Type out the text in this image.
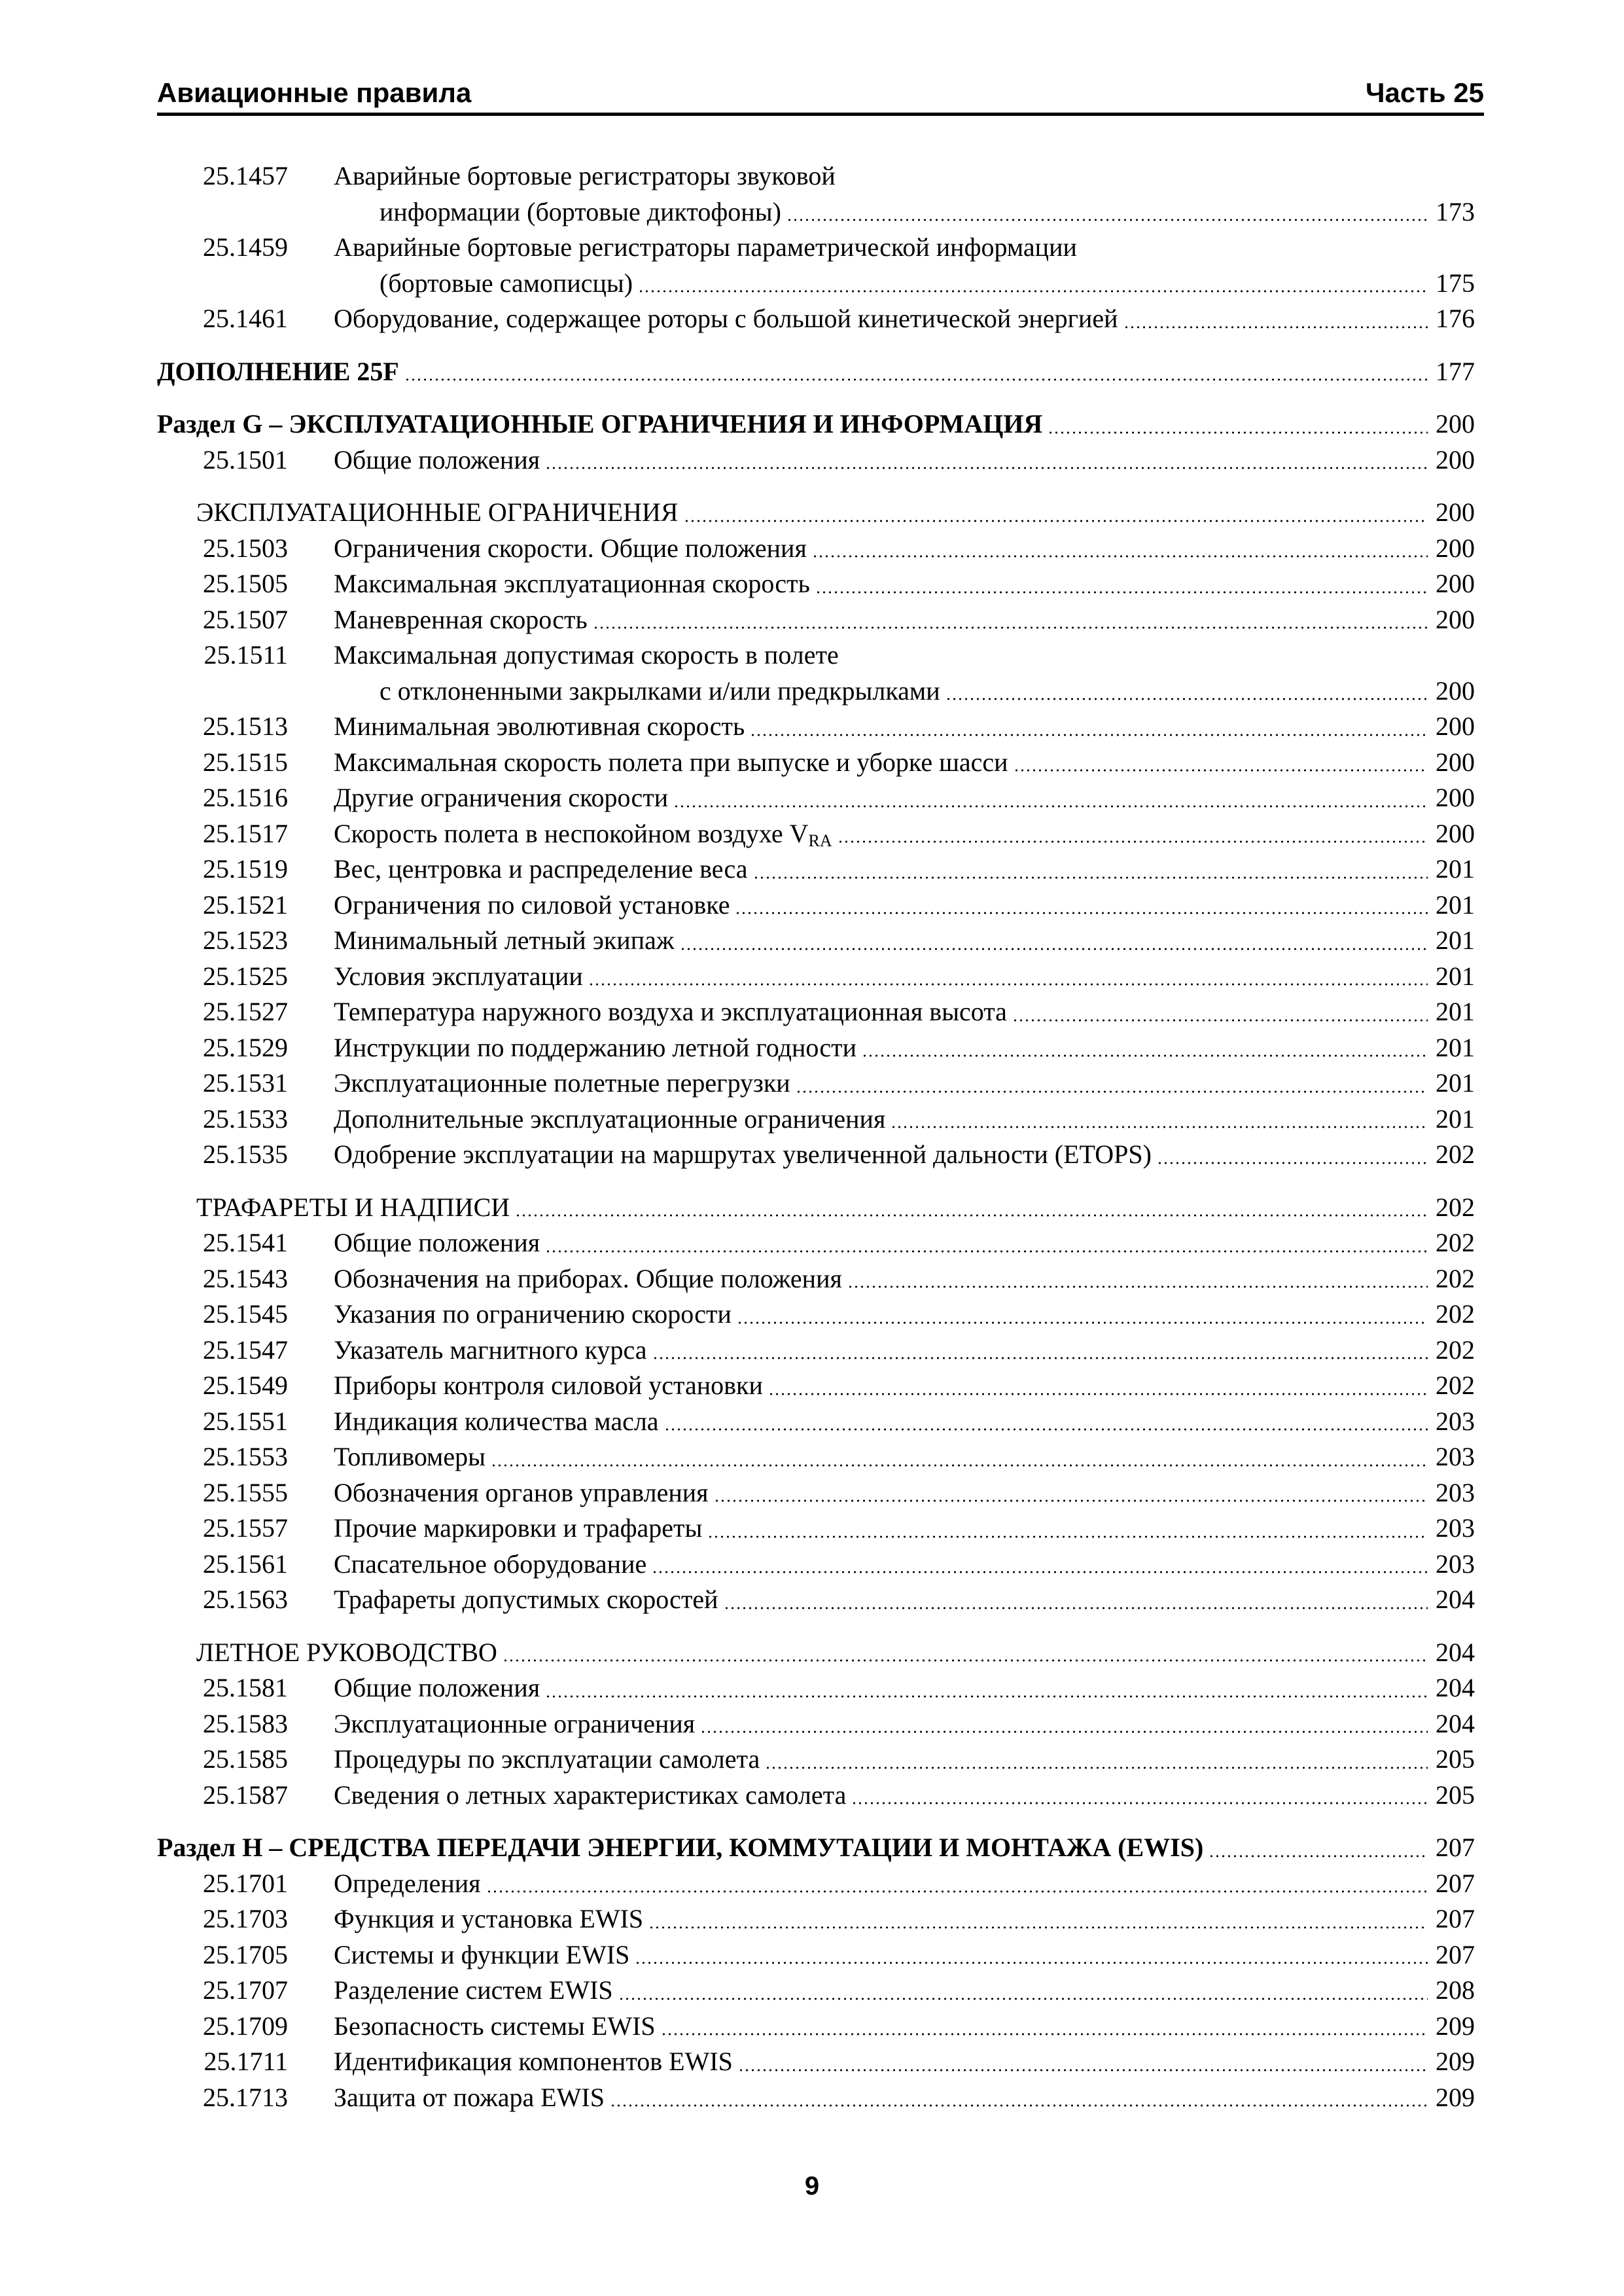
Авиационные правила	Часть 25
25.1457	Аварийные бортовые регистраторы звуковой
информации (бортовые диктофоны)	173
25.1459	Аварийные бортовые регистраторы параметрической информации
(бортовые самописцы)	175
25.1461	Оборудование, содержащее роторы с большой кинетической энергией	176
ДОПОЛНЕНИЕ 25F	177
Раздел G – ЭКСПЛУАТАЦИОННЫЕ ОГРАНИЧЕНИЯ И ИНФОРМАЦИЯ	200
25.1501	Общие положения	200
ЭКСПЛУАТАЦИОННЫЕ ОГРАНИЧЕНИЯ	200
25.1503	Ограничения скорости. Общие положения	200
25.1505	Максимальная эксплуатационная скорость	200
25.1507	Маневренная скорость	200
25.1511	Максимальная допустимая скорость в полете
с отклоненными закрылками и/или предкрылками	200
25.1513	Минимальная эволютивная скорость	200
25.1515	Максимальная скорость полета при выпуске и уборке шасси	200
25.1516	Другие ограничения скорости	200
25.1517	Скорость полета в неспокойном воздухе $V_{RA}$	200
25.1519	Вес, центровка и распределение веса	201
25.1521	Ограничения по силовой установке	201
25.1523	Минимальный летный экипаж	201
25.1525	Условия эксплуатации	201
25.1527	Температура наружного воздуха и эксплуатационная высота	201
25.1529	Инструкции по поддержанию летной годности	201
25.1531	Эксплуатационные полетные перегрузки	201
25.1533	Дополнительные эксплуатационные ограничения	201
25.1535	Одобрение эксплуатации на маршрутах увеличенной дальности (ETOPS)	202
ТРАФАРЕТЫ И НАДПИСИ	202
25.1541	Общие положения	202
25.1543	Обозначения на приборах. Общие положения	202
25.1545	Указания по ограничению скорости	202
25.1547	Указатель магнитного курса	202
25.1549	Приборы контроля силовой установки	202
25.1551	Индикация количества масла	203
25.1553	Топливомеры	203
25.1555	Обозначения органов управления	203
25.1557	Прочие маркировки и трафареты	203
25.1561	Спасательное оборудование	203
25.1563	Трафареты допустимых скоростей	204
ЛЕТНОЕ РУКОВОДСТВО	204
25.1581	Общие положения	204
25.1583	Эксплуатационные ограничения	204
25.1585	Процедуры по эксплуатации самолета	205
25.1587	Сведения о летных характеристиках самолета	205
Раздел H – СРЕДСТВА ПЕРЕДАЧИ ЭНЕРГИИ, КОММУТАЦИИ И МОНТАЖА (EWIS)	207
25.1701	Определения	207
25.1703	Функция и установка EWIS	207
25.1705	Системы и функции EWIS	207
25.1707	Разделение систем EWIS	208
25.1709	Безопасность системы EWIS	209
25.1711	Идентификация компонентов EWIS	209
25.1713	Защита от пожара EWIS	209
9
